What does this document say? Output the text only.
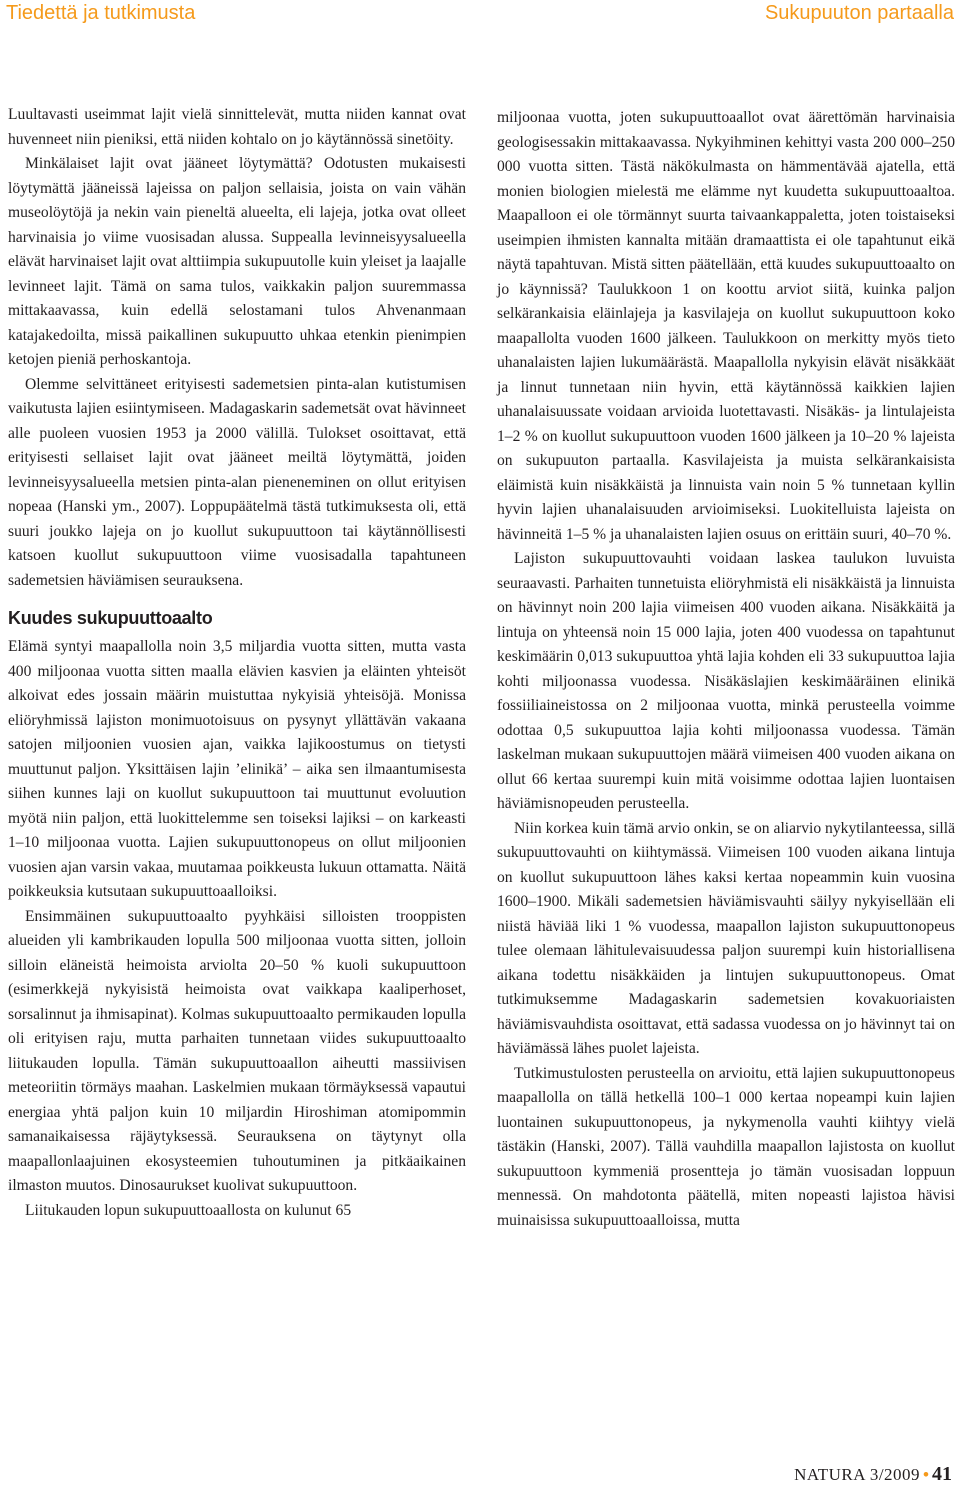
Tiedettä ja tutkimusta	Sukupuuton partaalla

Luultavasti useimmat lajit vielä sinnittelevät, mutta niiden kannat ovat huvenneet niin pieniksi, että niiden kohtalo on jo käytännössä sinetöity.

Minkälaiset lajit ovat jääneet löytymättä? Odotusten mukaisesti löytymättä jääneissä lajeissa on paljon sellaisia, joista on vain vähän museolöytöjä ja nekin vain pieneltä alueelta, eli lajeja, jotka ovat olleet harvinaisia jo viime vuosisadan alussa. Suppealla levinneisyysalueella elävät harvinaiset lajit ovat alttiimpia sukupuutolle kuin yleiset ja laajalle levinneet lajit. Tämä on sama tulos, vaikkakin paljon suuremmassa mittakaavassa, kuin edellä selostamani tulos Ahvenanmaan katajakedoilta, missä paikallinen sukupuutto uhkaa etenkin pienimpien ketojen pieniä perhoskantoja.

Olemme selvittäneet erityisesti sademetsien pinta-alan kutistumisen vaikutusta lajien esiintymiseen. Madagaskarin sademetsät ovat hävinneet alle puoleen vuosien 1953 ja 2000 välillä. Tulokset osoittavat, että erityisesti sellaiset lajit ovat jääneet meiltä löytymättä, joiden levinneisyysalueella metsien pinta-alan pieneneminen on ollut erityisen nopeaa (Hanski ym., 2007). Loppupäätelmä tästä tutkimuksesta oli, että suuri joukko lajeja on jo kuollut sukupuuttoon tai käytännöllisesti katsoen kuollut sukupuuttoon viime vuosisadalla tapahtuneen sademetsien häviämisen seurauksena.

Kuudes sukupuuttoaalto

Elämä syntyi maapallolla noin 3,5 miljardia vuotta sitten, mutta vasta 400 miljoonaa vuotta sitten maalla elävien kasvien ja eläinten yhteisöt alkoivat edes jossain määrin muistuttaa nykyisiä yhteisöjä. Monissa eliöryhmissä lajiston monimuotoisuus on pysynyt yllättävän vakaana satojen miljoonien vuosien ajan, vaikka lajikoostumus on tietysti muuttunut paljon. Yksittäisen lajin ’elinikä’ – aika sen ilmaantumisesta siihen kunnes laji on kuollut sukupuuttoon tai muuttunut evoluution myötä niin paljon, että luokittelemme sen toiseksi lajiksi – on karkeasti 1–10 miljoonaa vuotta. Lajien sukupuuttonopeus on ollut miljoonien vuosien ajan varsin vakaa, muutamaa poikkeusta lukuun ottamatta. Näitä poikkeuksia kutsutaan sukupuuttoaalloiksi.

Ensimmäinen sukupuuttoaalto pyyhkäisi silloisten trooppisten alueiden yli kambrikauden lopulla 500 miljoonaa vuotta sitten, jolloin silloin eläneistä heimoista arviolta 20–50 % kuoli sukupuuttoon (esimerkkejä nykyisistä heimoista ovat vaikkapa kaaliperhoset, sorsalinnut ja ihmisapinat). Kolmas sukupuuttoaalto permikauden lopulla oli erityisen raju, mutta parhaiten tunnetaan viides sukupuuttoaalto liitukauden lopulla. Tämän sukupuuttoaallon aiheutti massiivisen meteoriitin törmäys maahan. Laskelmien mukaan törmäyksessä vapautui energiaa yhtä paljon kuin 10 miljardin Hiroshiman atomipommin samanaikaisessa räjäytyksessä. Seurauksena on täytynyt olla maapallonlaajuinen ekosysteemien tuhoutuminen ja pitkäaikainen ilmaston muutos. Dinosaurukset kuolivat sukupuuttoon.

Liitukauden lopun sukupuuttoaallosta on kulunut 65

miljoonaa vuotta, joten sukupuuttoaallot ovat äärettömän harvinaisia geologisessakin mittakaavassa. Nykyihminen kehittyi vasta 200 000–250 000 vuotta sitten. Tästä näkökulmasta on hämmentävää ajatella, että monien biologien mielestä me elämme nyt kuudetta sukupuuttoaaltoa. Maapalloon ei ole törmännyt suurta taivaankappaletta, joten toistaiseksi useimpien ihmisten kannalta mitään dramaattista ei ole tapahtunut eikä näytä tapahtuvan. Mistä sitten päätellään, että kuudes sukupuuttoaalto on jo käynnissä? Taulukkoon 1 on koottu arviot siitä, kuinka paljon selkärankaisia eläinlajeja ja kasvilajeja on kuollut sukupuuttoon koko maapallolta vuoden 1600 jälkeen. Taulukkoon on merkitty myös tieto uhanalaisten lajien lukumäärästä. Maapallolla nykyisin elävät nisäkkäät ja linnut tunnetaan niin hyvin, että käytännössä kaikkien lajien uhanalaisuussate voidaan arvioida luotettavasti. Nisäkäs- ja lintulajeista 1–2 % on kuollut sukupuuttoon vuoden 1600 jälkeen ja 10–20 % lajeista on sukupuuton partaalla. Kasvilajeista ja muista selkärankaisista eläimistä kuin nisäkkäistä ja linnuista vain noin 5 % tunnetaan kyllin hyvin lajien uhanalaisuuden arvioimiseksi. Luokitelluista lajeista on hävinneitä 1–5 % ja uhanalaisten lajien osuus on erittäin suuri, 40–70 %.

Lajiston sukupuuttovauhti voidaan laskea taulukon luvuista seuraavasti. Parhaiten tunnetuista eliöryhmistä eli nisäkkäistä ja linnuista on hävinnyt noin 200 lajia viimeisen 400 vuoden aikana. Nisäkkäitä ja lintuja on yhteensä noin 15 000 lajia, joten 400 vuodessa on tapahtunut keskimäärin 0,013 sukupuuttoa yhtä lajia kohden eli 33 sukupuuttoa lajia kohti miljoonassa vuodessa. Nisäkäslajien keskimääräinen elinikä fossiiliaineistossa on 2 miljoonaa vuotta, minkä perusteella voimme odottaa 0,5 sukupuuttoa lajia kohti miljoonassa vuodessa. Tämän laskelman mukaan sukupuuttojen määrä viimeisen 400 vuoden aikana on ollut 66 kertaa suurempi kuin mitä voisimme odottaa lajien luontaisen häviämisnopeuden perusteella.

Niin korkea kuin tämä arvio onkin, se on aliarvio nykytilanteessa, sillä sukupuuttovauhti on kiihtymässä. Viimeisen 100 vuoden aikana lintuja on kuollut sukupuuttoon lähes kaksi kertaa nopeammin kuin vuosina 1600–1900. Mikäli sademetsien häviämisvauhti säilyy nykyisellään eli niistä häviää liki 1 % vuodessa, maapallon lajiston sukupuuttonopeus tulee olemaan lähitulevaisuudessa paljon suurempi kuin historiallisena aikana todettu nisäkkäiden ja lintujen sukupuuttonopeus. Omat tutkimuksemme Madagaskarin sademetsien kovakuoriaisten häviämisvauhdista osoittavat, että sadassa vuodessa on jo hävinnyt tai on häviämässä lähes puolet lajeista.

Tutkimustulosten perusteella on arvioitu, että lajien sukupuuttonopeus maapallolla on tällä hetkellä 100–1 000 kertaa nopeampi kuin lajien luontainen sukupuuttonopeus, ja nykymenolla vauhti kiihtyy vielä tästäkin (Hanski, 2007). Tällä vauhdilla maapallon lajistosta on kuollut sukupuuttoon kymmeniä prosentteja jo tämän vuosisadan loppuun mennessä. On mahdotonta päätellä, miten nopeasti lajistoa hävisi muinaisissa sukupuuttoaalloissa, mutta

NATURA 3/2009 • 41
